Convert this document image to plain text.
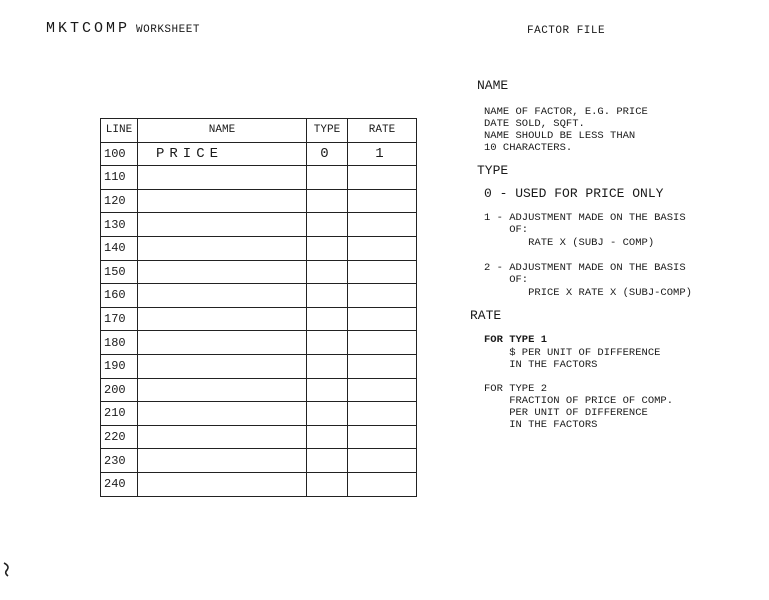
MKTCOMP WORKSHEET	FACTOR FILE
LINE	NAME	TYPE	RATE
100	PRICE	0	1
110			
120			
130			
140			
150			
160			
170			
180			
190			
200			
210			
220			
230			
240			
NAME
NAME OF FACTOR, E.G. PRICE
DATE SOLD, SQFT.
NAME SHOULD BE LESS THAN
10 CHARACTERS.
TYPE
0 - USED FOR PRICE ONLY
1 - ADJUSTMENT MADE ON THE BASIS
OF:
RATE X (SUBJ - COMP)
2 - ADJUSTMENT MADE ON THE BASIS
OF:
PRICE X RATE X (SUBJ-COMP)
RATE
FOR TYPE 1
$ PER UNIT OF DIFFERENCE
IN THE FACTORS
FOR TYPE 2
FRACTION OF PRICE OF COMP.
PER UNIT OF DIFFERENCE
IN THE FACTORS
